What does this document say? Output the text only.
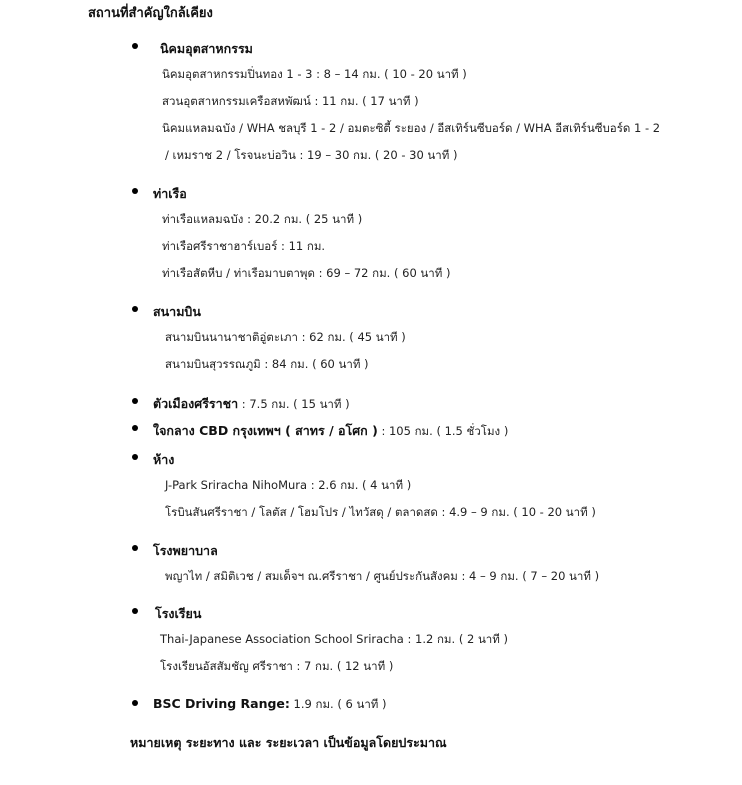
สถานที่สำคัญใกล้เคียง
นิคมอุตสาหกรรม
นิคมอุตสาหกรรมปิ่นทอง 1 - 3 : 8 – 14 กม. ( 10 - 20 นาที )
สวนอุตสาหกรรมเครือสหพัฒน์ : 11 กม. ( 17 นาที )
นิคมแหลมฉบัง / WHA ชลบุรี 1 - 2 / อมตะซิตี้ ระยอง / อีสเทิร์นซีบอร์ด / WHA อีสเทิร์นซีบอร์ด 1 - 2
/ เหมราช 2 / โรจนะบ่อวิน : 19 – 30 กม. ( 20 - 30 นาที )
ท่าเรือ
ท่าเรือแหลมฉบัง : 20.2 กม. ( 25 นาที )
ท่าเรือศรีราชาฮาร์เบอร์ : 11 กม.
ท่าเรือสัตหีบ / ท่าเรือมาบตาพุด : 69 – 72 กม. ( 60 นาที )
สนามบิน
สนามบินนานาชาติอู่ตะเภา : 62 กม. ( 45 นาที )
สนามบินสุวรรณภูมิ : 84 กม. ( 60 นาที )
ตัวเมืองศรีราชา : 7.5 กม. ( 15 นาที )
ใจกลาง CBD กรุงเทพฯ ( สาทร / อโศก ) : 105 กม. ( 1.5 ชั่วโมง )
ห้าง
J-Park Sriracha NihoMura : 2.6 กม. ( 4 นาที )
โรบินสันศรีราชา / โลตัส / โฮมโปร / ไทวัสดุ / ตลาดสด : 4.9 – 9 กม. ( 10 - 20 นาที )
โรงพยาบาล
พญาไท / สมิติเวช / สมเด็จฯ ณ.ศรีราชา / ศูนย์ประกันสังคม : 4 – 9 กม. ( 7 – 20 นาที )
โรงเรียน
Thai-Japanese Association School Sriracha : 1.2 กม. ( 2 นาที )
โรงเรียนอัสสัมชัญ ศรีราชา : 7 กม. ( 12 นาที )
BSC Driving Range: 1.9 กม. ( 6 นาที )
หมายเหตุ ระยะทาง และ ระยะเวลา เป็นข้อมูลโดยประมาณ
